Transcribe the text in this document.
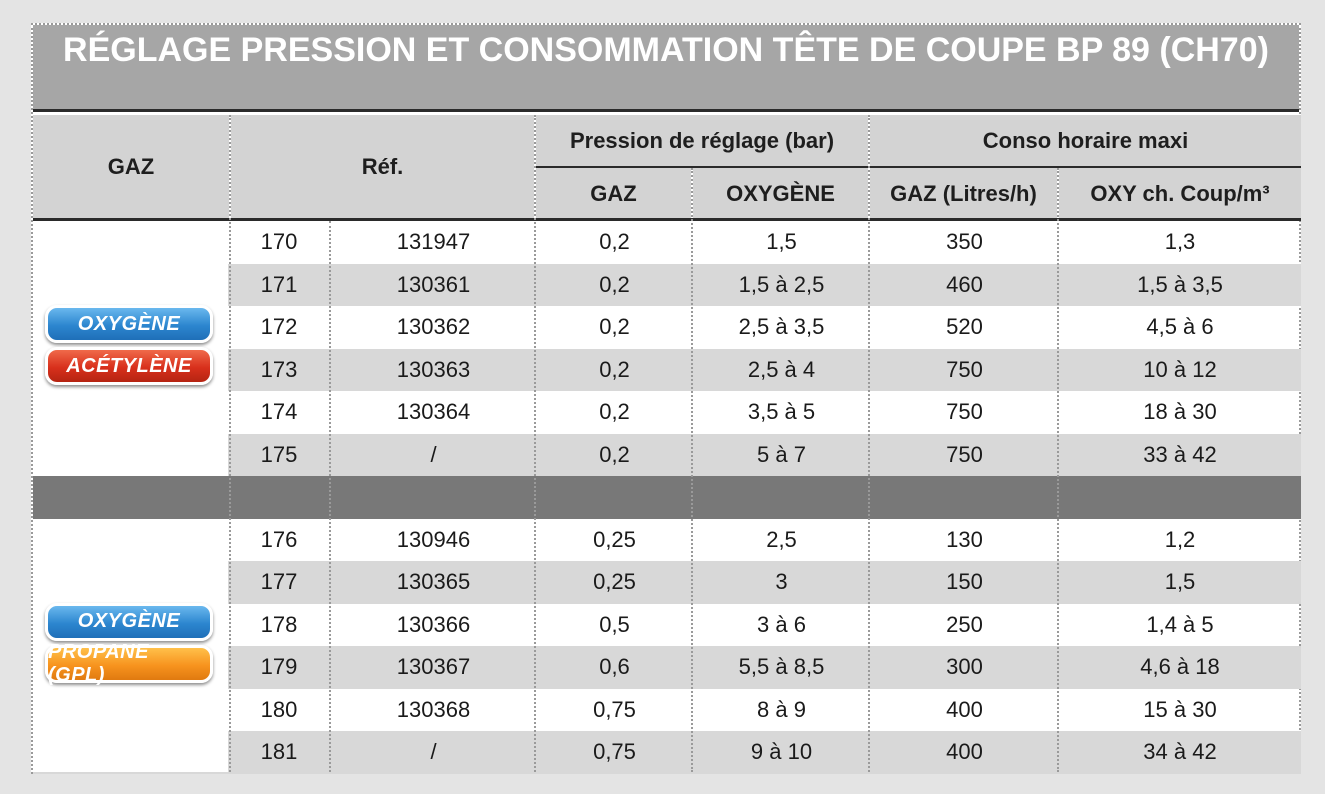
RÉGLAGE PRESSION ET CONSOMMATION TÊTE DE COUPE BP 89 (CH70)
GAZ	Réf.
Pression de réglage (bar)	Conso horaire maxi
GAZ	OXYGÈNE	GAZ (Litres/h)	OXY ch. Coup/m³
170	131947	0,2	1,5	350	1,3
171	130361	0,2	1,5 à 2,5	460	1,5 à 3,5
172	130362	0,2	2,5 à 3,5	520	4,5 à 6
173	130363	0,2	2,5 à 4	750	10 à 12
174	130364	0,2	3,5 à 5	750	18 à 30
175	/	0,2	5 à 7	750	33 à 42
176	130946	0,25	2,5	130	1,2
177	130365	0,25	3	150	1,5
178	130366	0,5	3 à 6	250	1,4 à 5
179	130367	0,6	5,5 à 8,5	300	4,6 à 18
180	130368	0,75	8 à 9	400	15 à 30
181	/	0,75	9 à 10	400	34 à 42
OXYGÈNE
ACÉTYLÈNE
OXYGÈNE
PROPANE (GPL)
